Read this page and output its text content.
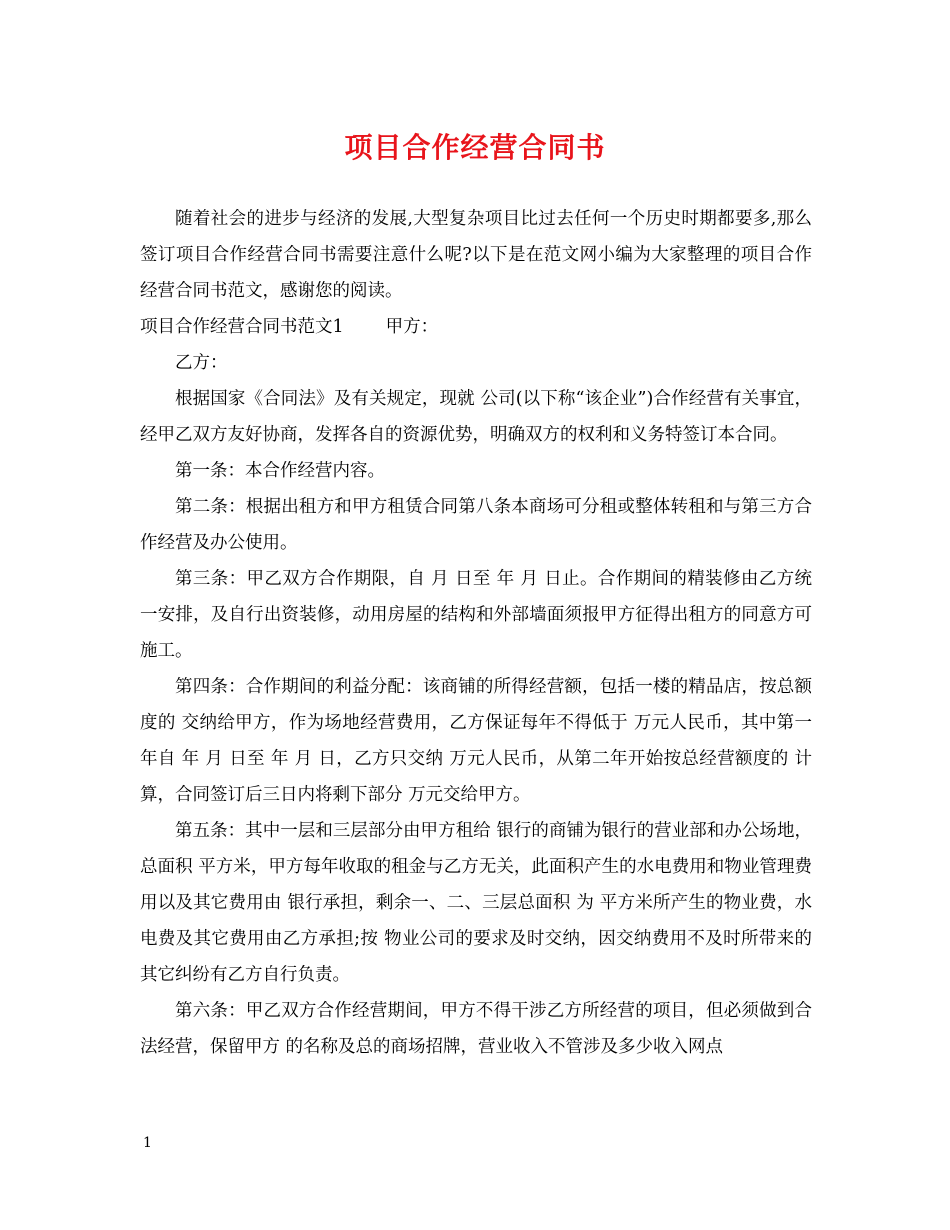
项目合作经营合同书

随着社会的进步与经济的发展,大型复杂项目比过去任何一个历史时期都要多,那么签订项目合作经营合同书需要注意什么呢?以下是在范文网小编为大家整理的项目合作经营合同书范文，感谢您的阅读。

项目合作经营合同书范文1 甲方：

乙方：

根据国家《合同法》及有关规定，现就 公司(以下称“该企业”)合作经营有关事宜，经甲乙双方友好协商，发挥各自的资源优势，明确双方的权利和义务特签订本合同。

第一条：本合作经营内容。

第二条：根据出租方和甲方租赁合同第八条本商场可分租或整体转租和与第三方合作经营及办公使用。

第三条：甲乙双方合作期限，自 月 日至 年 月 日止。合作期间的精装修由乙方统一安排，及自行出资装修，动用房屋的结构和外部墙面须报甲方征得出租方的同意方可施工。

第四条：合作期间的利益分配：该商铺的所得经营额，包括一楼的精品店，按总额度的 交纳给甲方，作为场地经营费用，乙方保证每年不得低于 万元人民币，其中第一年自 年 月 日至 年 月 日，乙方只交纳 万元人民币，从第二年开始按总经营额度的 计算，合同签订后三日内将剩下部分 万元交给甲方。

第五条：其中一层和三层部分由甲方租给 银行的商铺为银行的营业部和办公场地，总面积 平方米，甲方每年收取的租金与乙方无关，此面积产生的水电费用和物业管理费用以及其它费用由 银行承担，剩余一、二、三层总面积 为 平方米所产生的物业费，水电费及其它费用由乙方承担;按 物业公司的要求及时交纳，因交纳费用不及时所带来的其它纠纷有乙方自行负责。

第六条：甲乙双方合作经营期间，甲方不得干涉乙方所经营的项目，但必须做到合法经营，保留甲方 的名称及总的商场招牌，营业收入不管涉及多少收入网点

1
